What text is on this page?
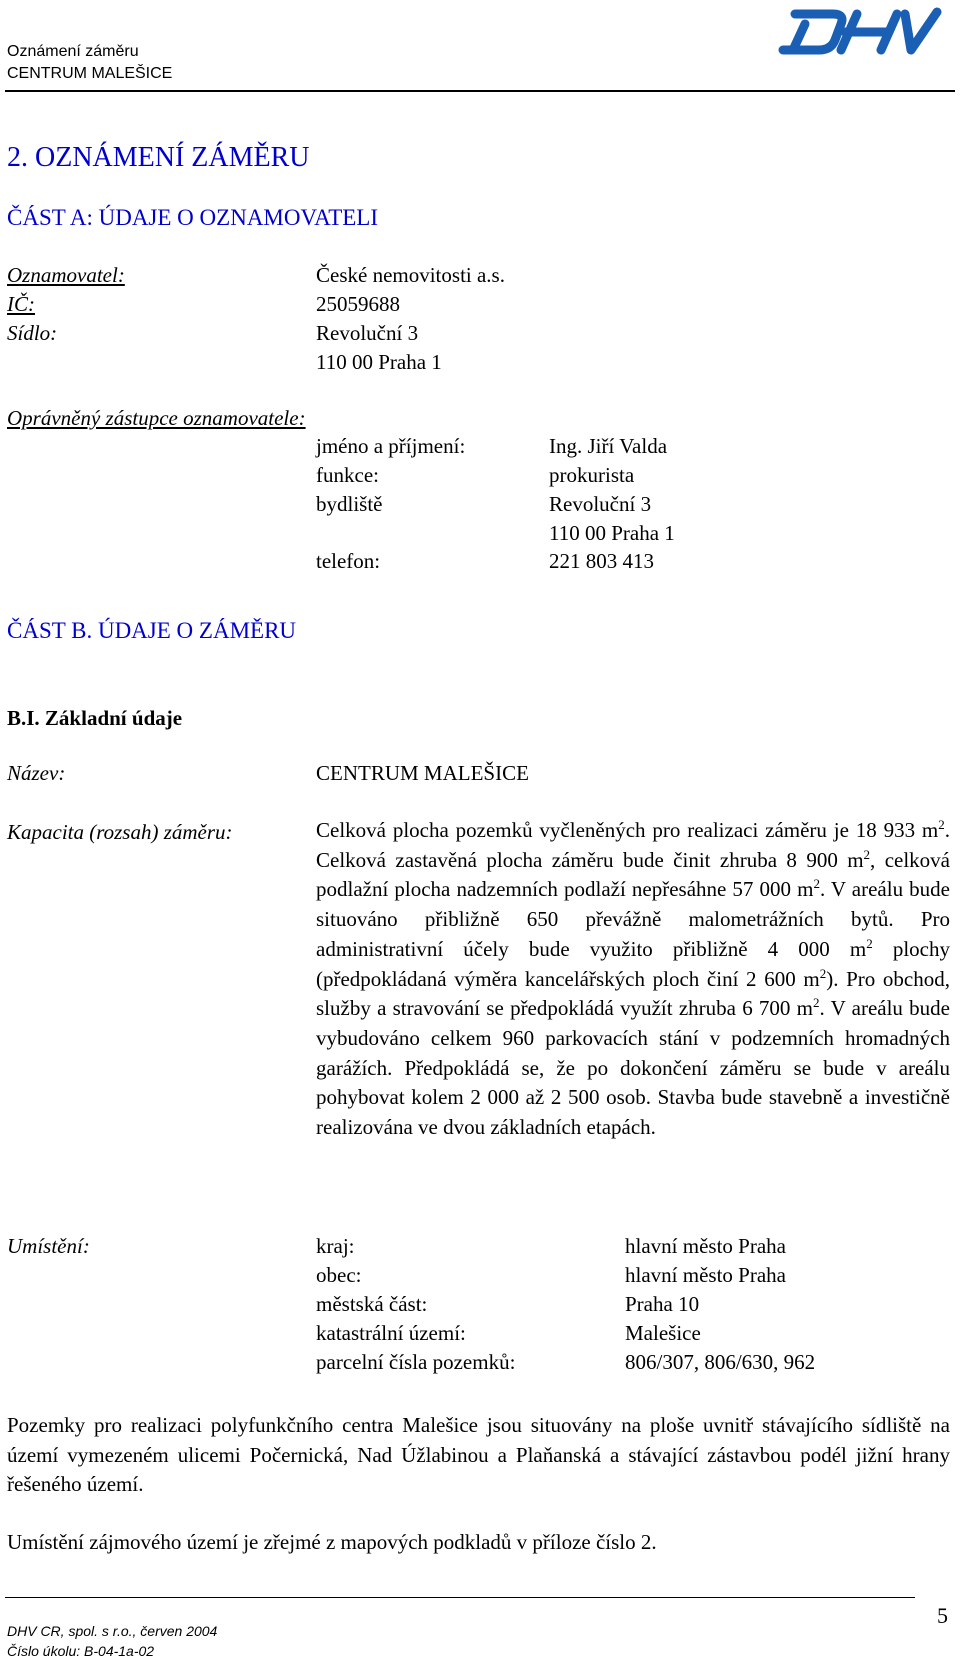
Oznámení záměru
CENTRUM MALEŠICE
2. OZNÁMENÍ ZÁMĚRU
ČÁST A: ÚDAJE O OZNAMOVATELI
Oznamovatel:	České nemovitosti a.s.
IČ:	25059688
Sídlo:	Revoluční 3
110 00 Praha 1
Oprávněný zástupce oznamovatele:
jméno a příjmení:	Ing. Jiří Valda
funkce:	prokurista
bydliště	Revoluční 3
110 00 Praha 1
telefon:	221 803 413
ČÁST B. ÚDAJE O ZÁMĚRU
B.I. Základní údaje
Název:	CENTRUM MALEŠICE
Kapacita (rozsah) záměru:	Celková plocha pozemků vyčleněných pro realizaci záměru je 18 933 $m^2$. Celková zastavěná plocha záměru bude činit zhruba 8 900 $m^2$, celková podlažní plocha nadzemních podlaží nepřesáhne 57 000 $m^2$. V areálu bude situováno přibližně 650 převážně malometrážních bytů. Pro administrativní účely bude využito přibližně 4 000 $m^2$ plochy (předpokládaná výměra kancelářských ploch činí 2 600 $m^2$). Pro obchod, služby a stravování se předpokládá využít zhruba 6 700 $m^2$. V areálu bude vybudováno celkem 960 parkovacích stání v podzemních hromadných garážích. Předpokládá se, že po dokončení záměru se bude v areálu pohybovat kolem 2 000 až 2 500 osob. Stavba bude stavebně a investičně realizována ve dvou základních etapách.

Umístění:	kraj:	hlavní město Praha
obec:	hlavní město Praha
městská část:	Praha 10
katastrální území:	Malešice
parcelní čísla pozemků:	806/307, 806/630, 962

Pozemky pro realizaci polyfunkčního centra Malešice jsou situovány na ploše uvnitř stávajícího sídliště na území vymezeném ulicemi Počernická, Nad Úžlabinou a Plaňanská a stávající zástavbou podél jižní hrany řešeného území.

Umístění zájmového území je zřejmé z mapových podkladů v příloze číslo 2.

DHV CR, spol. s r.o., červen 2004
Číslo úkolu: B-04-1a-02
5
